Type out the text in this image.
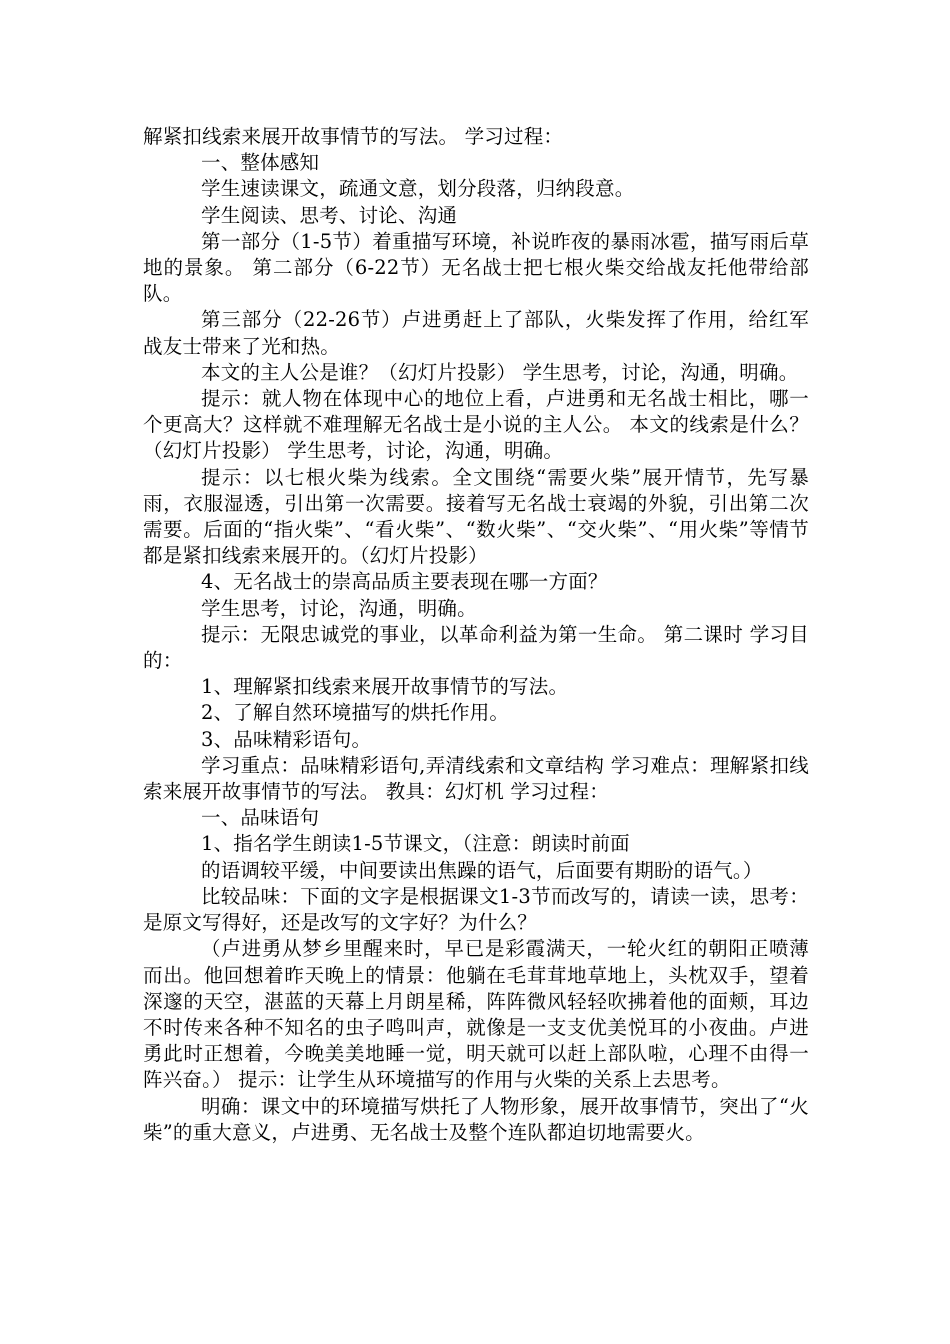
解紧扣线索来展开故事情节的写法。 学习过程：

一、整体感知

学生速读课文，疏通文意，划分段落，归纳段意。

学生阅读、思考、讨论、沟通

第一部分（1-5节）着重描写环境，补说昨夜的暴雨冰雹，描写雨后草地的景象。 第二部分（6-22节）无名战士把七根火柴交给战友托他带给部队。

第三部分（22-26节）卢进勇赶上了部队，火柴发挥了作用，给红军战友士带来了光和热。

本文的主人公是谁？（幻灯片投影） 学生思考，讨论，沟通，明确。

提示：就人物在体现中心的地位上看，卢进勇和无名战士相比，哪一个更高大？这样就不难理解无名战士是小说的主人公。 本文的线索是什么？（幻灯片投影） 学生思考，讨论，沟通，明确。

提示：以七根火柴为线索。全文围绕“需要火柴”展开情节，先写暴雨，衣服湿透，引出第一次需要。接着写无名战士衰竭的外貌，引出第二次需要。后面的“指火柴”、“看火柴”、“数火柴”、“交火柴”、“用火柴”等情节都是紧扣线索来展开的。（幻灯片投影）

4、无名战士的崇高品质主要表现在哪一方面？

学生思考，讨论，沟通，明确。

提示：无限忠诚党的事业，以革命利益为第一生命。 第二课时 学习目的：

1、理解紧扣线索来展开故事情节的写法。

2、了解自然环境描写的烘托作用。

3、品味精彩语句。

学习重点：品味精彩语句,弄清线索和文章结构 学习难点：理解紧扣线索来展开故事情节的写法。 教具：幻灯机 学习过程：

一、品味语句

1、指名学生朗读1-5节课文，（注意：朗读时前面

的语调较平缓，中间要读出焦躁的语气，后面要有期盼的语气。）

比较品味：下面的文字是根据课文1-3节而改写的，请读一读，思考：是原文写得好，还是改写的文字好？为什么？

（卢进勇从梦乡里醒来时，早已是彩霞满天，一轮火红的朝阳正喷薄而出。他回想着昨天晚上的情景：他躺在毛茸茸地草地上，头枕双手，望着深邃的天空，湛蓝的天幕上月朗星稀，阵阵微风轻轻吹拂着他的面颊，耳边不时传来各种不知名的虫子鸣叫声，就像是一支支优美悦耳的小夜曲。卢进勇此时正想着，今晚美美地睡一觉，明天就可以赶上部队啦，心理不由得一阵兴奋。） 提示：让学生从环境描写的作用与火柴的关系上去思考。

明确：课文中的环境描写烘托了人物形象，展开故事情节，突出了“火柴”的重大意义，卢进勇、无名战士及整个连队都迫切地需要火。
